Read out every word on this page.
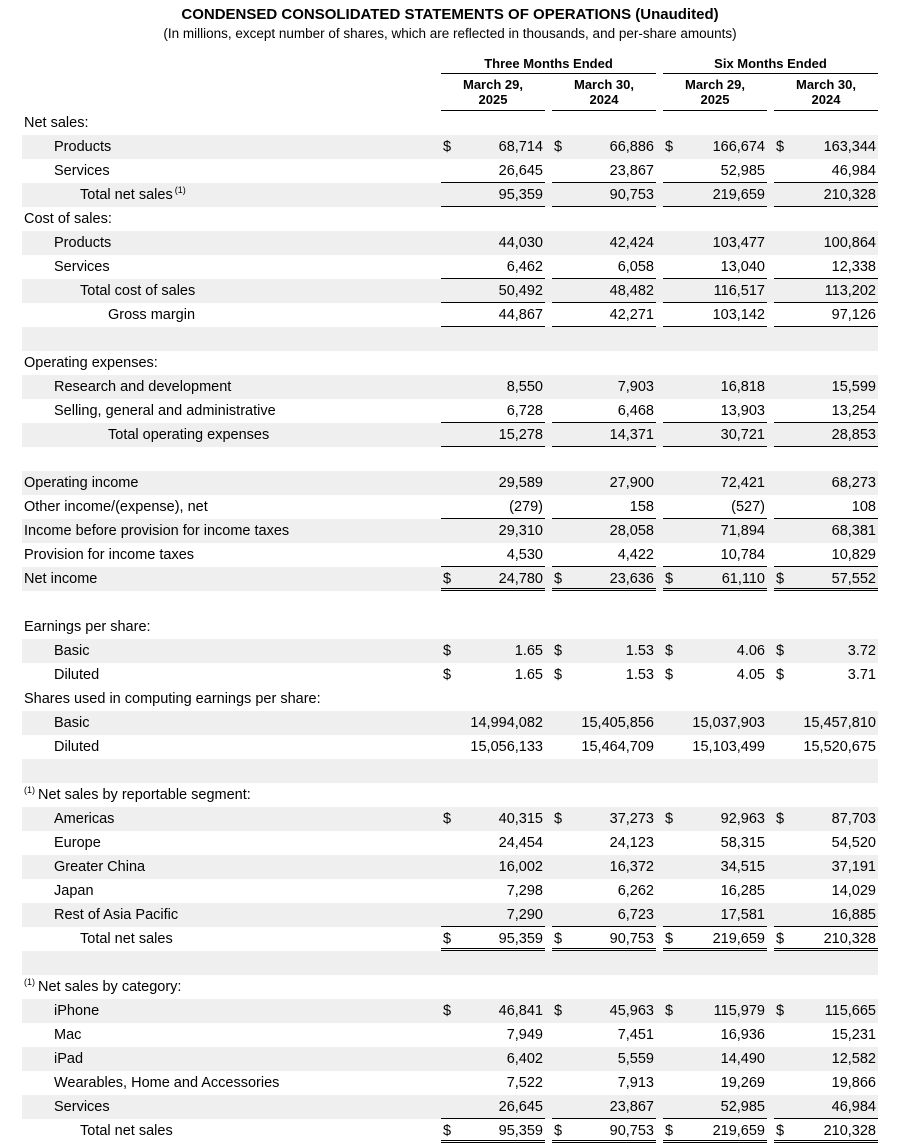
CONDENSED CONSOLIDATED STATEMENTS OF OPERATIONS (Unaudited)
(In millions, except number of shares, which are reflected in thousands, and per-share amounts)
Three Months Ended	Six Months Ended
March 29,
2025
March 30,
2024
March 29,
2025
March 30,
2024
Net sales:
Products	$	68,714 $	66,886 $	166,674 $	163,344
Services	26,645	23,867	52,985	46,984
Total net sales $^{(1)}$	95,359	90,753	219,659	210,328
Cost of sales:
Products	44,030	42,424	103,477	100,864
Services	6,462	6,058	13,040	12,338
Total cost of sales	50,492	48,482	116,517	113,202
Gross margin	44,867	42,271	103,142	97,126
Operating expenses:
Research and development	8,550	7,903	16,818	15,599
Selling, general and administrative	6,728	6,468	13,903	13,254
Total operating expenses	15,278	14,371	30,721	28,853
Operating income	29,589	27,900	72,421	68,273
Other income/(expense), net	(279)	158	(527)	108
Income before provision for income taxes	29,310	28,058	71,894	68,381
Provision for income taxes	4,530	4,422	10,784	10,829
Net income	$	24,780 $	23,636 $	61,110 $	57,552
Earnings per share:
Basic	$	1.65 $	1.53 $	4.06 $	3.72
Diluted	$	1.65 $	1.53 $	4.05 $	3.71
Shares used in computing earnings per share:
Basic	14,994,082	15,405,856	15,037,903	15,457,810
Diluted	15,056,133	15,464,709	15,103,499	15,520,675
$^{(1)}$ Net sales by reportable segment:
Americas	$	40,315 $	37,273 $	92,963 $	87,703
Europe	24,454	24,123	58,315	54,520
Greater China	16,002	16,372	34,515	37,191
Japan	7,298	6,262	16,285	14,029
Rest of Asia Pacific	7,290	6,723	17,581	16,885
Total net sales	$	95,359 $	90,753 $	219,659 $	210,328
$^{(1)}$ Net sales by category:
iPhone	$	46,841 $	45,963 $	115,979 $	115,665
Mac	7,949	7,451	16,936	15,231
iPad	6,402	5,559	14,490	12,582
Wearables, Home and Accessories	7,522	7,913	19,269	19,866
Services	26,645	23,867	52,985	46,984
Total net sales	$	95,359 $	90,753 $	219,659 $	210,328
